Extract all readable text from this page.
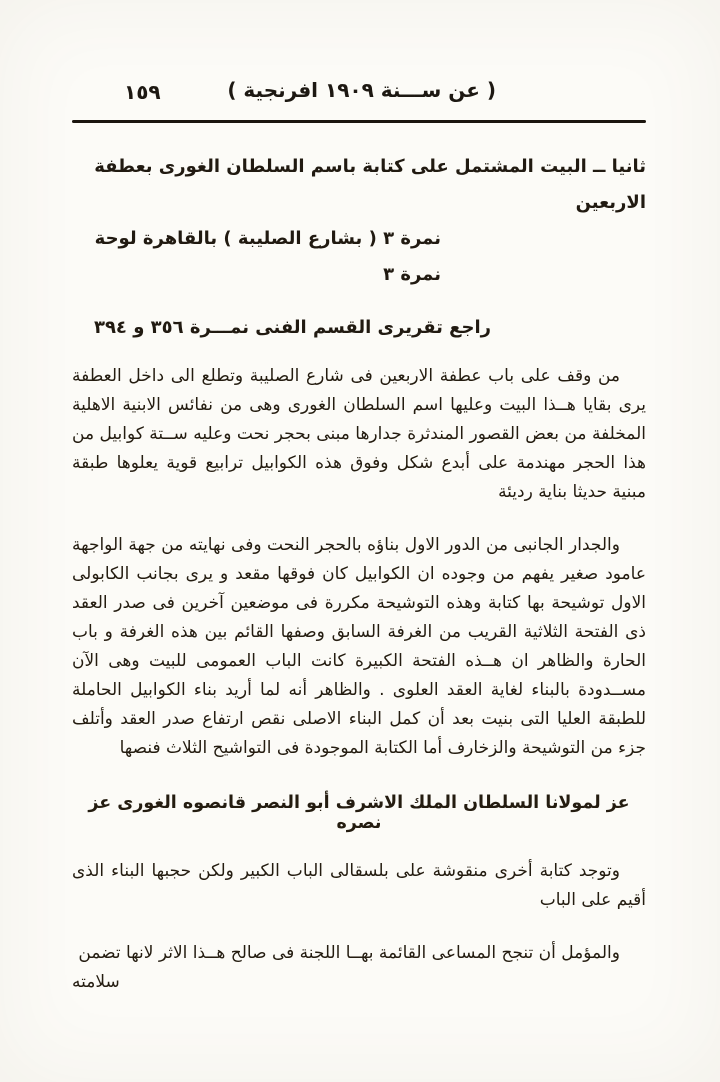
١٥٩	( عن ســـنة ١٩٠٩ افرنجية )
ثانيا ــ البيت المشتمل على كتابة باسم السلطان الغورى بعطفة الاربعين
نمرة ٣ ( بشارع الصليبة ) بالقاهرة لوحة نمرة ٣
راجع تقريرى القسم الفنى نمـــرة ٣٥٦ و ٣٩٤

من وقف على باب عطفة الاربعين فى شارع الصليبة وتطلع الى داخل العطفة يرى بقايا هــذا البيت وعليها اسم السلطان الغورى وهى من نفائس الابنية الاهلية المخلفة من بعض القصور المندثرة جدارها مبنى بحجر نحت وعليه ســتة كوابيل من هذا الحجر مهندمة على أبدع شكل وفوق هذه الكوابيل ترابيع قوية يعلوها طبقة مبنية حديثا بناية رديئة

والجدار الجانبى من الدور الاول بناؤه بالحجر النحت وفى نهايته من جهة الواجهة عامود صغير يفهم من وجوده ان الكوابيل كان فوقها مقعد و يرى بجانب الكابولى الاول توشيحة بها كتابة وهذه التوشيحة مكررة فى موضعين آخرين فى صدر العقد ذى الفتحة الثلاثية القريب من الغرفة السابق وصفها القائم بين هذه الغرفة و باب الحارة والظاهر ان هــذه الفتحة الكبيرة كانت الباب العمومى للبيت وهى الآن مســدودة بالبناء لغاية العقد العلوى . والظاهر أنه لما أريد بناء الكوابيل الحاملة للطبقة العليا التى بنيت بعد أن كمل البناء الاصلى نقص ارتفاع صدر العقد وأتلف جزء من التوشيحة والزخارف أما الكتابة الموجودة فى التواشيح الثلاث فنصها

عز لمولانا السلطان الملك الاشرف أبو النصر قانصوه الغورى عز نصره

وتوجد كتابة أخرى منقوشة على بلسقالى الباب الكبير ولكن حجبها البناء الذى أقيم على الباب

والمؤمل أن تنجح المساعى القائمة بهــا اللجنة فى صالح هــذا الاثر لانها تضمن

سلامته
